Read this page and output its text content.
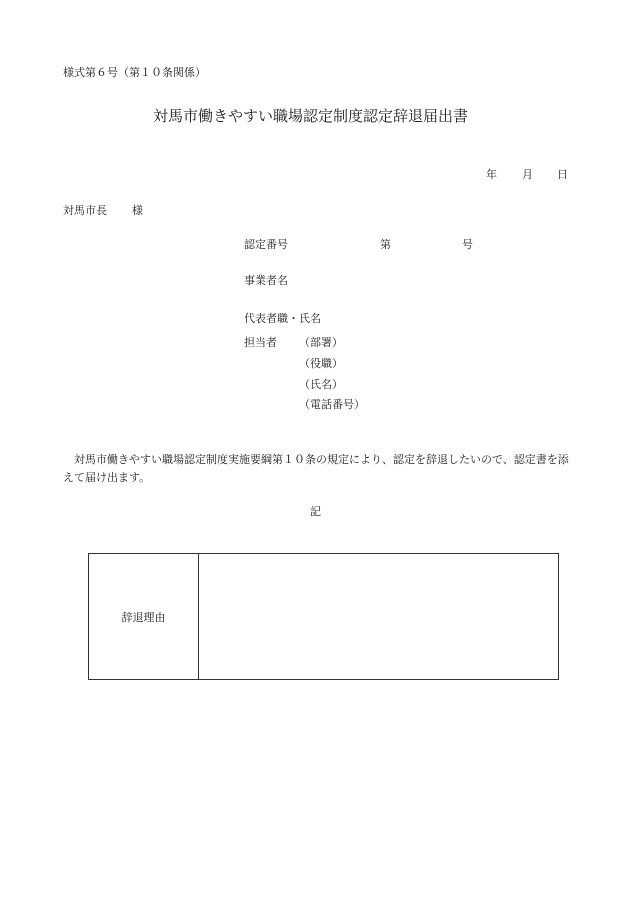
様式第６号（第１０条関係）
対馬市働きやすい職場認定制度認定辞退届出書
年 月 日
対馬市長 様
認定番号	第	号
事業者名
代表者職・氏名
担当者 （部署）
（役職）
（氏名）
（電話番号）
対馬市働きやすい職場認定制度実施要綱第１０条の規定により、認定を辞退したいので、認定書を添えて届け出ます。
記
辞退理由
